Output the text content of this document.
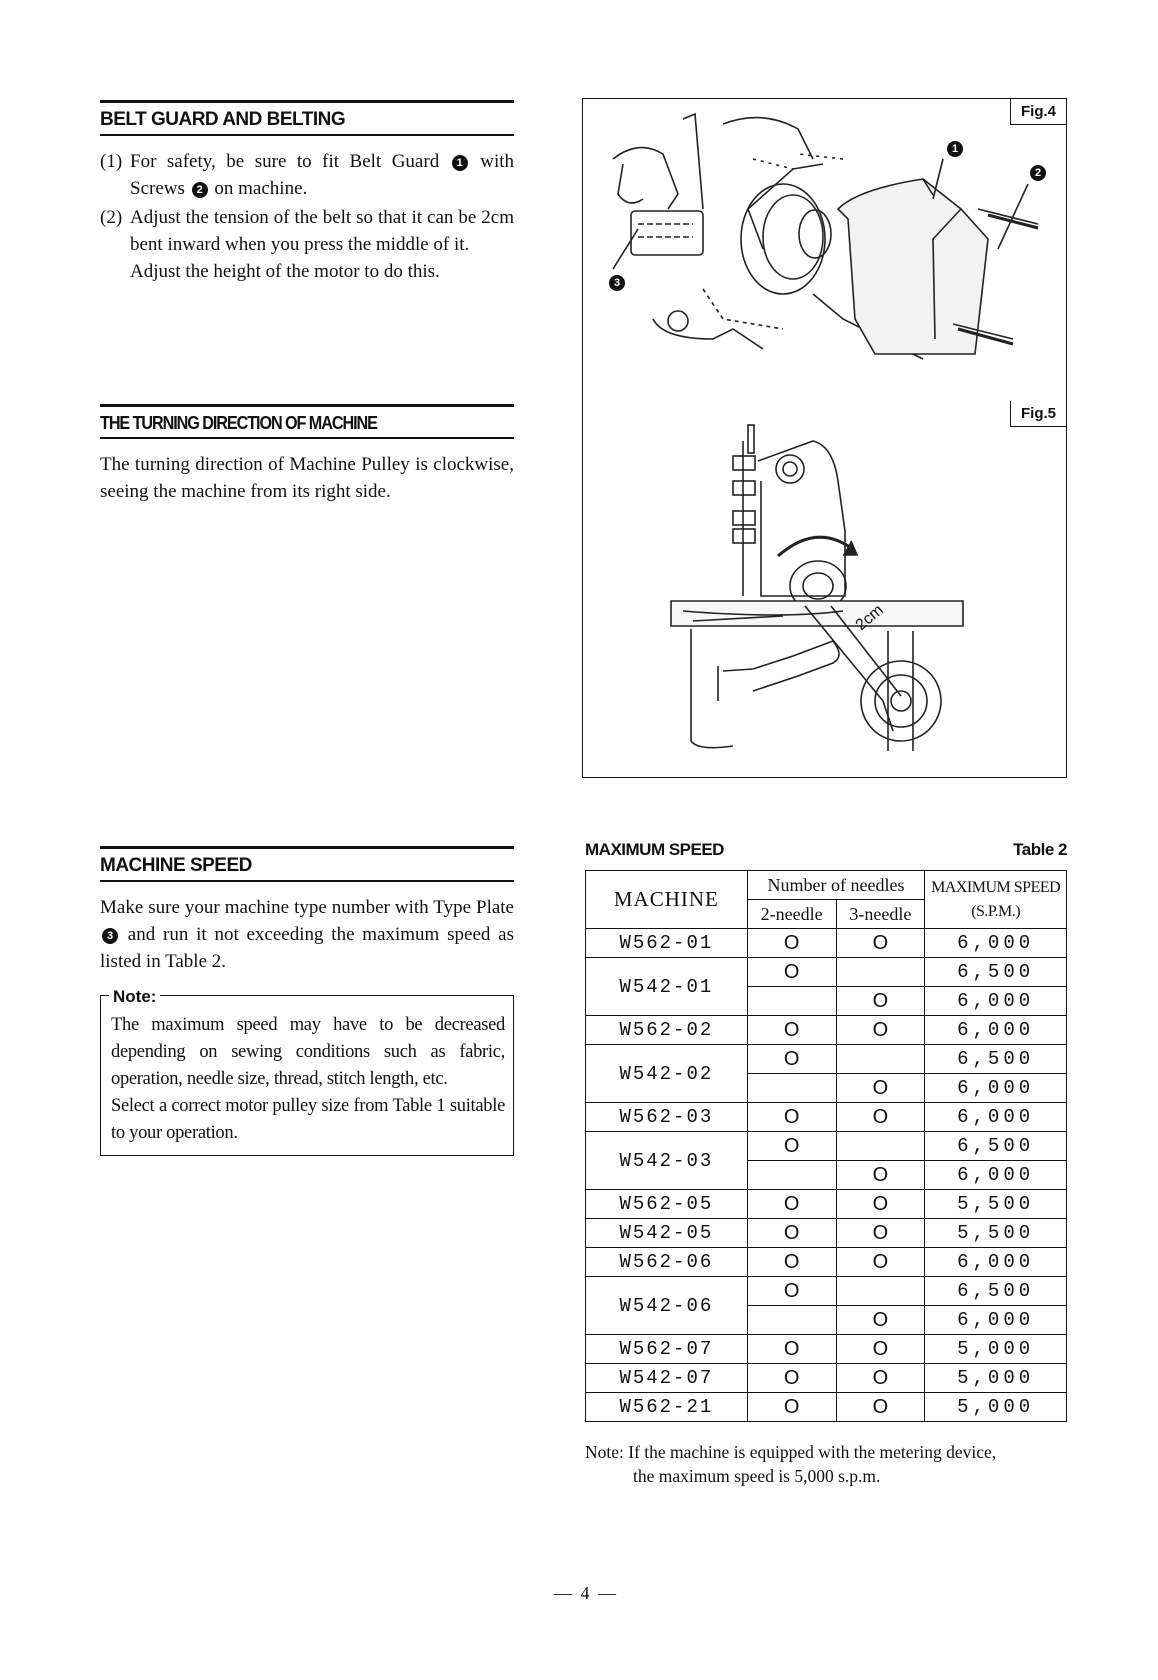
BELT GUARD AND BELTING
(1) For safety, be sure to fit Belt Guard 1 with Screws 2 on machine.
(2) Adjust the tension of the belt so that it can be 2cm bent inward when you press the middle of it.
Adjust the height of the motor to do this.
THE TURNING DIRECTION OF MACHINE
The turning direction of Machine Pulley is clockwise, seeing the machine from its right side.
MACHINE SPEED
Make sure your machine type number with Type Plate 3 and run it not exceeding the maximum speed as listed in Table 2.
Note:
The maximum speed may have to be decreased depending on sewing conditions such as fabric, operation, needle size, thread, stitch length, etc.
Select a correct motor pulley size from Table 1 suitable to your operation.
Fig.4
1
2
3
Fig.5
2cm
MAXIMUM SPEED	Table 2
MACHINE	Number of needles		MAXIMUM SPEED
(S.P.M.)

	2-needle	3-needle	
W562-01	O	O	6,000
W542-01	O		6,500
		O	6,000
W562-02	O	O	6,000
W542-02	O		6,500
		O	6,000
W562-03	O	O	6,000
W542-03	O		6,500
		O	6,000
W562-05	O	O	5,500
W542-05	O	O	5,500
W562-06	O	O	6,000
W542-06	O		6,500
		O	6,000
W562-07	O	O	5,000
W542-07	O	O	5,000
W562-21	O	O	5,000
Note: If the machine is equipped with the metering device,
the maximum speed is 5,000 s.p.m.
— 4 —
